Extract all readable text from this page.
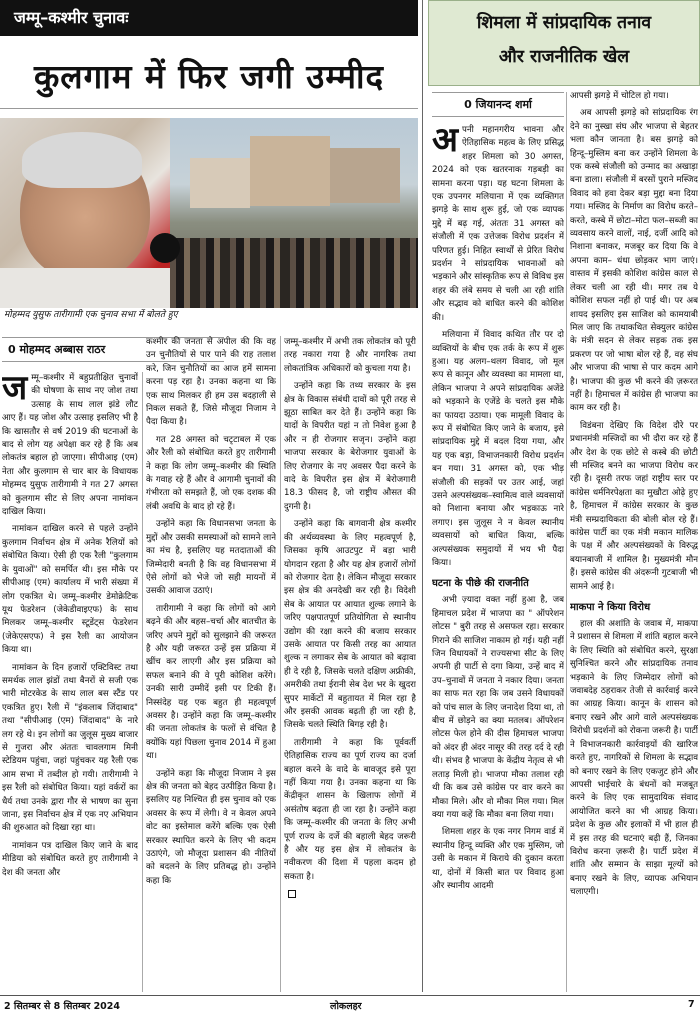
जम्मू–कश्मीर चुनावः
कुलगाम में फिर जगी उम्मीद
मोहम्मद युसुफ तारीगामी एक चुनाव सभा में बोलते हुए
0 मोहम्मद अब्बास राठर
ज म्मू–कश्मीर में बहुप्रतीक्षित चुनावों की घोषणा के साथ नए जोश तथा उत्साह के साथ लाल झंडे लौट आए हैं। यह जोश और उत्साह इसलिए भी है कि खासतौर से वर्ष 2019 की घटनाओं के बाद से लोग यह अपेक्षा कर रहे हैं कि अब लोकतंत्र बहाल हो जाएगा। सीपीआइ (एम) नेता और कुलगाम से चार बार के विधायक मोहम्मद युसुफ तारीगामी ने गत 27 अगस्त को कुलगाम सीट से लिए अपना नामांकन दाखिल किया।

नामांकन दाखिल करने से पहले उन्होंने कुलगाम निर्वाचन क्षेत्र में अनेक रैलियों को संबोधित किया। ऐसी ही एक रैली "कुलगाम के युवाओं" को समर्पित थी। इस मौके पर सीपीआइ (एम) कार्यालय में भारी संख्या में लोग एकत्रित थे। जम्मू–कश्मीर डेमोक्रेटिक यूथ फेडरेशन (जेकेडीवाइएफ) के साथ मिलकर जम्मू–कश्मीर स्टूडेंट्स फेडरेशन (जेकेएसएफ) ने इस रैली का आयोजन किया था।

नामांकन के दिन हजारों एक्टिविस्ट तथा समर्थक लाल झंडों तथा बैनरों से सजी एक भारी मोटरकेड के साथ लाल बस स्टैंड पर एकत्रित हुए। रैली में "इंकलाब जिंदाबाद" तथा "सीपीआइ (एम) जिंदाबाद" के नारे लग रहे थे। इन लोगों का जुलूस मुख्य बाजार से गुजरा और अंततः चावलगाम मिनी स्टेडियम पहुंचा, जहां पहुंचकर यह रैली एक आम सभा में तब्दील हो गयी। तारीगामी ने इस रैली को संबोधित किया। यहां वर्करों का धैर्य तथा उनके द्वारा गौर से भाषण का सुना जाना, इस निर्वाचन क्षेत्र में एक नए अभियान की शुरुआत को दिखा रहा था।

नामांकन पत्र दाखिल किए जाने के बाद मीडिया को संबोधित करते हुए तारीगामी ने देश की जनता और

कश्मीर की जनता से अपील की कि वह उन चुनौतियों से पार पाने की राह तलाश करे, जिन चुनौतियों का आज हमें सामना करना पड़ रहा है। उनका कहना था कि एक साथ मिलकर ही हम उस बदहाली से निकल सकते हैं, जिसे मौजूदा निजाम ने पैदा किया है।

गत 28 अगस्त को चटृटाबल में एक और रैली को संबोधित करते हुए तारीगामी ने कहा कि लोग जम्मू–कश्मीर की स्थिति के गवाह रहे हैं और वे आगामी चुनावों की गंभीरता को समझते हैं, जो एक दशक की लंबी अवधि के बाद हो रहे हैं।

उन्होंने कहा कि विधानसभा जनता के मुद्दों और उसकी समस्याओं को सामने लाने का मंच है, इसलिए यह मतदाताओं की जिम्मेदारी बनती है कि वह विधानसभा में ऐसे लोगों को भेजे जो सही मायनों में उसकी आवाज उठाएं।

तारीगामी ने कहा कि लोगों को आगे बढ़ने की और बहस–चर्चा और बातचीत के जरिए अपने मुद्दों को सुलझाने की जरूरत है और यही जरूरत उन्हें इस प्रक्रिया में खींच कर लाएगी और इस प्रक्रिया को सफल बनाने की वे पूरी कोशिश करेंगे। उनकी सारी उम्मीदें इसी पर टिकी हैं। निस्संदेह यह एक बहुत ही महत्वपूर्ण अवसर है। उन्होंने कहा कि जम्मू–कश्मीर की जनता लोकतंत्र के फलों से वंचित है क्योंकि यहां पिछला चुनाव 2014 में हुआ था।

उन्होंने कहा कि मौजूदा निजाम ने इस क्षेत्र की जनता को बेहद उत्पीड़ित किया है। इसलिए यह निश्चित ही इस चुनाव को एक अवसर के रूप में लेगी। वे न केवल अपने वोट का इस्तेमाल करेंगे बल्कि एक ऐसी सरकार स्थापित करने के लिए भी कदम उठाएंगे, जो मौजूदा प्रशासन की नीतियों को बदलने के लिए प्रतिबद्ध हो। उन्होंने कहा कि

जम्मू–कश्मीर में अभी तक लोकतंत्र को पूरी तरह नकारा गया है और नागरिक तथा लोकतांत्रिक अधिकारों को कुचला गया है।

उन्होंने कहा कि तथ्य सरकार के इस क्षेत्र के विकास संबंधी दावों को पूरी तरह से झूठा साबित कर देते हैं। उन्होंने कहा कि यादों के विपरीत यहां न तो निवेश हुआ है और न ही रोजगार सजृन। उन्होंने कहा भाजपा सरकार के बेरोजगार युवाओं के लिए रोजगार के नए अवसर पैदा करने के वादे के विपरीत इस क्षेत्र में बेरोजगारी 18.3 फीसद है, जो राष्ट्रीय औसत की दुगनी है।

उन्होंने कहा कि बागवानी क्षेत्र कश्मीर की अर्थव्यवस्था के लिए महत्वपूर्ण है, जिसका कृषि आउटपुट में बड़ा भारी योगदान रहता है और यह क्षेत्र हजारों लोगों को रोजगार देता है। लेकिन मौजूदा सरकार इस क्षेत्र की अनदेखी कर रही है। विदेशी सेब के आयात पर आयात शुल्क लगाने के जरिए पक्षपातपूर्ण प्रतियोगिता से स्थानीय उद्योग की रक्षा करने की बजाय सरकार उसके आयात पर किसी तरह का आयात शुल्क न लगाकर सेब के आयात को बढ़ावा ही दे रही है, जिसके चलते दक्षिण अफ्रीकी, अमरीकी तथा ईरानी सेब देश भर के खुदरा सुपर मार्केटों में बहुतायत में मिल रहा है और इसकी आवक बढ़ती ही जा रही है, जिसके चलते स्थिति बिगड़ रही है।

तारीगामी ने कहा कि पूर्ववर्ती ऐतिहासिक राज्य का पूर्ण राज्य का दर्जा बहाल करने के वादे के बावजूद इसे पूरा नहीं किया गया है। उनका कहना था कि केंद्रीकृत शासन के खिलाफ लोगों में असंतोष बढ़ता ही जा रहा है। उन्होंने कहा कि जम्मू–कश्मीर की जनता के लिए अभी पूर्ण राज्य के दर्जे की बहाली बेहद जरूरी है और यह इस क्षेत्र में लोकतंत्र के नवीकरण की दिशा में पहला कदम हो सकता है।

शिमला में सांप्रदायिक तनाव
और राजनीतिक खेल
0 जियानन्द शर्मा
अ पनी महानगरीय भावना और ऐतिहासिक महत्व के लिए प्रसिद्ध शहर शिमला को 30 अगस्त, 2024 को एक खतरनाक गड़बड़ी का सामना करना पड़ा। यह घटना शिमला के एक उपनगर मलियाना में एक व्यक्तिगत झगड़े के साथ शुरू हुई, जो एक व्यापक मुद्दे में बढ़ गई, अंततः 31 अगस्त को संजौली में एक उत्तेजक विरोध प्रदर्शन में परिणत हुई। निहित स्वार्थों से प्रेरित विरोध प्रदर्शन ने सांप्रदायिक भावनाओं को भड़काने और सांस्कृतिक रूप से विविध इस शहर की लंबे समय से चली आ रही शांति और सद्भाव को बाधित करने की कोशिश की।

मलियाना में विवाद कथित तौर पर दो व्यक्तियों के बीच एक तर्क के रूप में शुरू हुआ। यह अलग–थलग विवाद, जो मूल रूप से कानून और व्यवस्था का मामला था, लेकिन भाजपा ने अपने सांप्रदायिक अजेंडे को भड़काने के एजेंडे के चलते इस मौके का फायदा उठाया। एक मामूली विवाद के रूप में संबोधित किए जाने के बजाय, इसे सांप्रदायिक मुद्दे में बदल दिया गया, और यह एक बड़ा, विभाजनकारी विरोध प्रदर्शन बन गया। 31 अगस्त को, एक भीड़ संजौली की सड़कों पर उतर आई, जहां उसने अल्पसंख्यक–स्वामित्व वाले व्यवसायों को निशाना बनाया और भड़काऊ नारे लगाए। इस जुलूस ने न केवल स्थानीय व्यवसायों को बाधित किया, बल्कि अल्पसंख्यक समुदायों में भय भी पैदा किया।

घटना के पीछे की राजनीति

अभी ज़्यादा वक्त नहीं हुआ है, जब हिमाचल प्रदेश में भाजपा का " ऑपरेशन लोटस " बुरी तरह से असफल रहा। सरकार गिराने की साजिश नाकाम हो गई। यही नहीं जिन विधायकों ने राज्यसभा सीट के लिए अपनी ही पार्टी से दगा किया, उन्हें बाद में उप–चुनावों में जनता ने नकार दिया। जनता का साफ मत रहा कि जब उसने विधायकों को पांच साल के लिए जनादेश दिया था, तो बीच में छोड़ने का क्या मतलब। ऑपरेशन लोटस फेल होने की दीस हिमाचल भाजपा को अंदर ही अंदर नासूर की तरह दर्द दे रही थी। संभव है भाजपा के केंद्रीय नेतृत्व से भी लताड़ मिली हो। भाजपा मौका तलाश रही थी कि कब उसे कांग्रेस पर वार करने का मौका मिले। और वो मौका मिल गया। मिल क्या गया कहें कि मौका बना लिया गया।

शिमला शहर के एक नगर निगम वार्ड में स्थानीय हिन्दू व्यक्ति और एक मुस्लिम, जो उसी के मकान में किराये की दुकान करता था, दोनों में किसी बात पर विवाद हुआ और स्थानीय आदमी

आपसी झगड़े में चोटिल हो गया।

अब आपसी झगड़े को सांप्रदायिक रंग देने का नुस्खा संघ और भाजपा से बेहतर भला कौन जानता है। बस झगड़े को हिन्दू–मुस्लिम बना कर उन्होंने शिमला के एक कस्बे संजौली को उन्माद का अखाड़ा बना डाला। संजौली में बरसों पुराने मस्जिद विवाद को हवा देकर बड़ा मुद्दा बना दिया गया। मस्जिद के निर्माण का विरोध करते–करते, कस्बे में छोटा–मोटा फल–सब्जी का व्यवसाय करने वालों, नाई, दर्जी आदि को निशाना बनाकर, मजबूर कर दिया कि वे अपना काम– धंधा छोड़कर भाग जाएं। वास्तव में इसकी कोशिश कांग्रेस काल से लेकर चली आ रही थी। मगर तब ये कोशिश सफल नहीं हो पाई थी। पर अब शायद इसलिए इस साजिश को कामयाबी मिल जाए कि तथाकथित सेक्युलर कांग्रेस के मंत्री सदन से लेकर सड़क तक इस प्रकरण पर जो भाषा बोल रहे हैं, वह संघ और भाजपा की भाषा से पार कदम आगे है। भाजपा की कुछ भी करने की ज़रूरत नहीं है। हिमाचल में कांग्रेस ही भाजपा का काम कर रही है।

विडंबना देखिए कि विदेश दौरे पर प्रधानमंत्री मस्जिदों का भी दौरा कर रहे हैं और देश के एक छोटे से कस्बे की छोटी सी मस्जिद बनने का भाजपा विरोध कर रही है। दूसरी तरफ जहां राष्ट्रीय स्तर पर कांग्रेस धर्मनिरपेक्षता का मुखौटा ओढ़े हुए है, हिमाचल में कांग्रेस सरकार के कुछ मंत्री सम्प्रदायिकता की बोली बोल रहे हैं। कांग्रेस पार्टी का एक मंत्री मकान मालिक के पक्ष में और अल्पसंख्यकों के विरुद्ध बयानबाजी में शामिल है। मुख्यमंत्री मौन हैं। इससे कांग्रेस की अंदरूनी गुटबाजी भी सामने आई है।

माकपा ने किया विरोध

हाल की अशांति के जवाब में, माकपा ने प्रशासन से शिमला में शांति बहाल करने के लिए स्थिति को संबोधित करने, सुरक्षा सुनिश्चित करने और सांप्रदायिक तनाव भड़काने के लिए जिम्मेदार लोगों को जवाबदेह ठहराकर तेजी से कार्रवाई करने का आग्रह किया। कानून के शासन को बनाए रखने और आगे वाले अल्पसंख्यक विरोधी प्रदर्शनों को रोकना जरूरी है। पार्टी ने विभाजनकारी कार्रवाइयों की खारिज करते हुए, नागरिकों से शिमला के सद्भाव को बनाए रखने के लिए एकजुट होने और आपसी भाईचारे के बंधनों को मजबूत करने के लिए एक सामुदायिक संवाद आयोजित करने का भी आग्रह किया। प्रदेश के कुछ और इलाकों में भी हाल ही में इस तरह की घटनाएं बढ़ी हैं, जिनका विरोध करना ज़रूरी है। पार्टी प्रदेश में शांति और सम्मान के साझा मूल्यों को बनाए रखने के लिए, व्यापक अभियान चलाएगी।

2 सितम्बर से 8 सितम्बर 2024	लोकलहर	7
